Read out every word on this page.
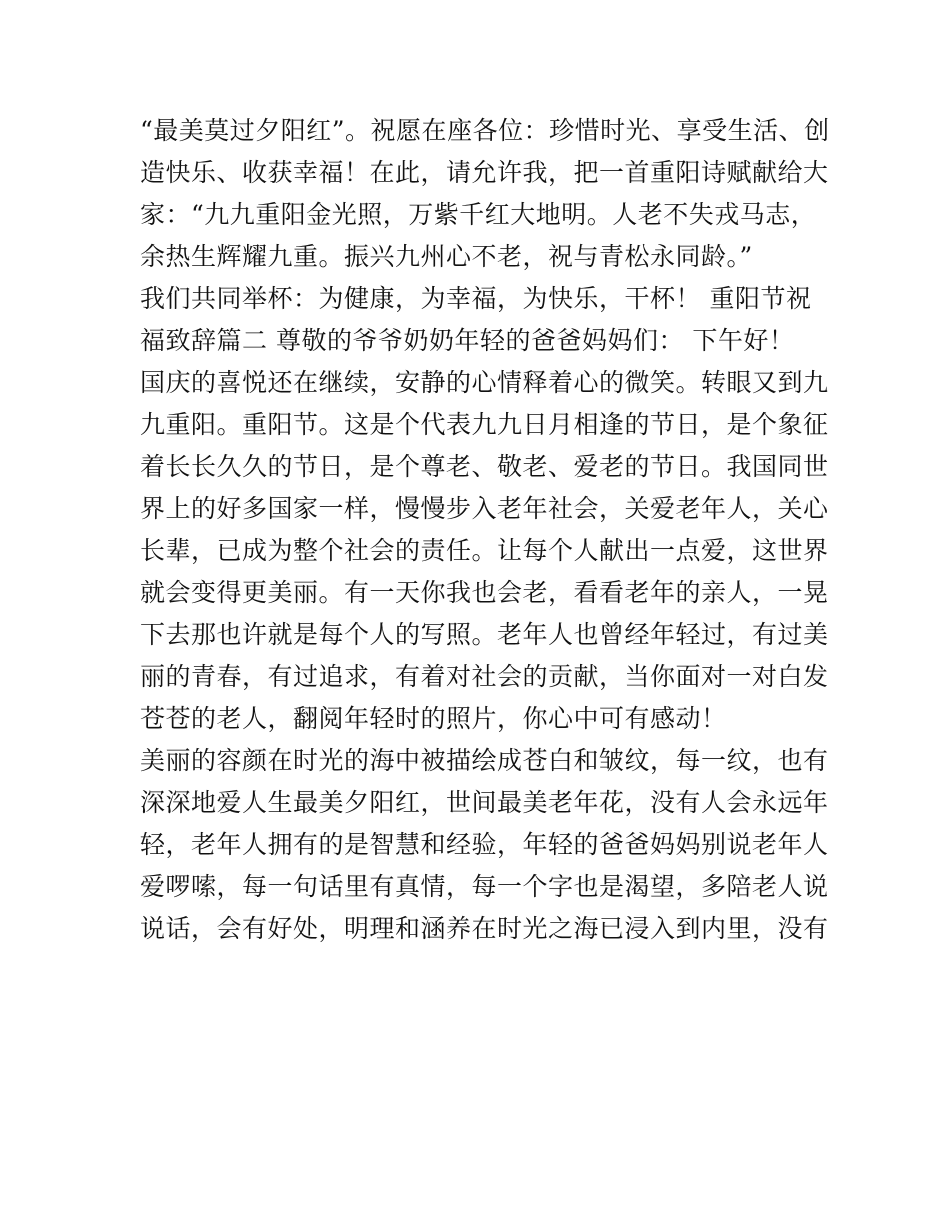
“最美莫过夕阳红”。祝愿在座各位：珍惜时光、享受生活、创
造快乐、收获幸福！在此，请允许我，把一首重阳诗赋献给大
家：“九九重阳金光照，万紫千红大地明。人老不失戎马志，
余热生辉耀九重。振兴九州心不老，祝与青松永同龄。”
我们共同举杯：为健康，为幸福，为快乐，干杯！ 重阳节祝
福致辞篇二 尊敬的爷爷奶奶年轻的爸爸妈妈们： 下午好！
国庆的喜悦还在继续，安静的心情释着心的微笑。转眼又到九
九重阳。重阳节。这是个代表九九日月相逢的节日，是个象征
着长长久久的节日，是个尊老、敬老、爱老的节日。我国同世
界上的好多国家一样，慢慢步入老年社会，关爱老年人，关心
长辈，已成为整个社会的责任。让每个人献出一点爱，这世界
就会变得更美丽。有一天你我也会老，看看老年的亲人，一晃
下去那也许就是每个人的写照。老年人也曾经年轻过，有过美
丽的青春，有过追求，有着对社会的贡献，当你面对一对白发
苍苍的老人，翻阅年轻时的照片，你心中可有感动！
美丽的容颜在时光的海中被描绘成苍白和皱纹，每一纹，也有
深深地爱人生最美夕阳红，世间最美老年花，没有人会永远年
轻，老年人拥有的是智慧和经验，年轻的爸爸妈妈别说老年人
爱啰嗦，每一句话里有真情，每一个字也是渴望，多陪老人说
说话，会有好处，明理和涵养在时光之海已浸入到内里，没有
